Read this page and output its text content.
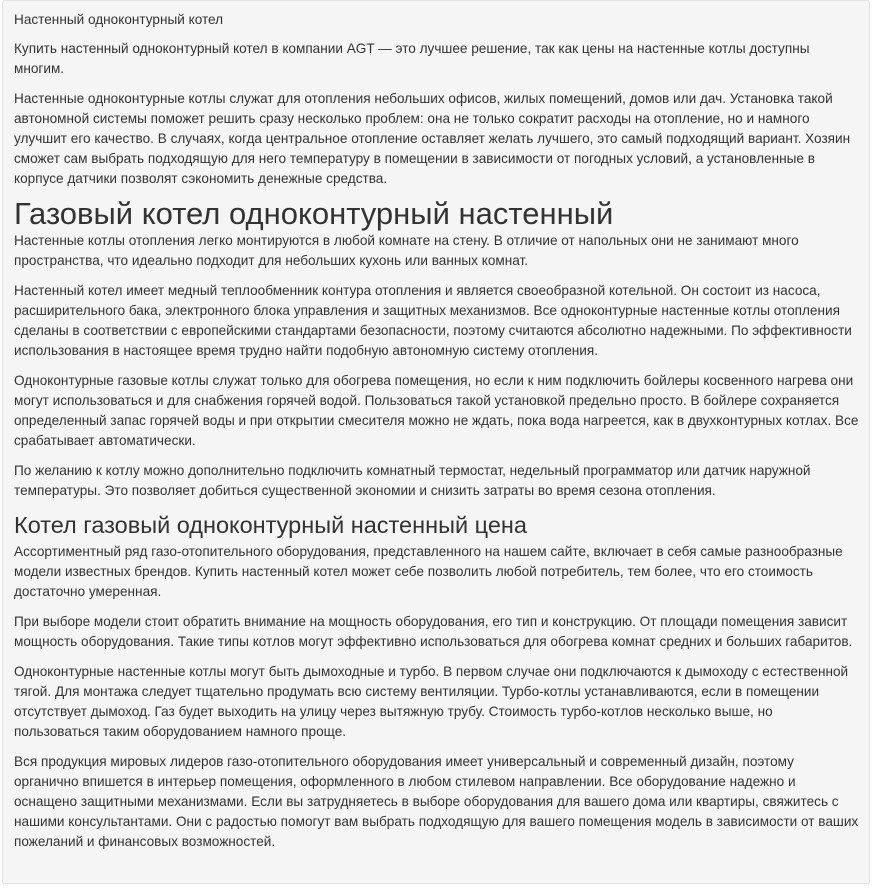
Настенный одноконтурный котел

Купить настенный одноконтурный котел в компании AGT — это лучшее решение, так как цены на настенные котлы доступны многим.

Настенные одноконтурные котлы служат для отопления небольших офисов, жилых помещений, домов или дач. Установка такой автономной системы поможет решить сразу несколько проблем: она не только сократит расходы на отопление, но и намного улучшит его качество. В случаях, когда центральное отопление оставляет желать лучшего, это самый подходящий вариант. Хозяин сможет сам выбрать подходящую для него температуру в помещении в зависимости от погодных условий, а установленные в корпусе датчики позволят сэкономить денежные средства.

Газовый котел одноконтурный настенный

Настенные котлы отопления легко монтируются в любой комнате на стену. В отличие от напольных они не занимают много пространства, что идеально подходит для небольших кухонь или ванных комнат.

Настенный котел имеет медный теплообменник контура отопления и является своеобразной котельной. Он состоит из насоса, расширительного бака, электронного блока управления и защитных механизмов. Все одноконтурные настенные котлы отопления сделаны в соответствии с европейскими стандартами безопасности, поэтому считаются абсолютно надежными. По эффективности использования в настоящее время трудно найти подобную автономную систему отопления.

Одноконтурные газовые котлы служат только для обогрева помещения, но если к ним подключить бойлеры косвенного нагрева они могут использоваться и для снабжения горячей водой. Пользоваться такой установкой предельно просто. В бойлере сохраняется определенный запас горячей воды и при открытии смесителя можно не ждать, пока вода нагреется, как в двухконтурных котлах. Все срабатывает автоматически.

По желанию к котлу можно дополнительно подключить комнатный термостат, недельный программатор или датчик наружной температуры. Это позволяет добиться существенной экономии и снизить затраты во время сезона отопления.

Котел газовый одноконтурный настенный цена

Ассортиментный ряд газо-отопительного оборудования, представленного на нашем сайте, включает в себя самые разнообразные модели известных брендов. Купить настенный котел может себе позволить любой потребитель, тем более, что его стоимость достаточно умеренная.

При выборе модели стоит обратить внимание на мощность оборудования, его тип и конструкцию. От площади помещения зависит мощность оборудования. Такие типы котлов могут эффективно использоваться для обогрева комнат средних и больших габаритов.

Одноконтурные настенные котлы могут быть дымоходные и турбо. В первом случае они подключаются к дымоходу с естественной тягой. Для монтажа следует тщательно продумать всю систему вентиляции. Турбо-котлы устанавливаются, если в помещении отсутствует дымоход. Газ будет выходить на улицу через вытяжную трубу. Стоимость турбо-котлов несколько выше, но пользоваться таким оборудованием намного проще.

Вся продукция мировых лидеров газо-отопительного оборудования имеет универсальный и современный дизайн, поэтому органично впишется в интерьер помещения, оформленного в любом стилевом направлении. Все оборудование надежно и оснащено защитными механизмами. Если вы затрудняетесь в выборе оборудования для вашего дома или квартиры, свяжитесь с нашими консультантами. Они с радостью помогут вам выбрать подходящую для вашего помещения модель в зависимости от ваших пожеланий и финансовых возможностей.
